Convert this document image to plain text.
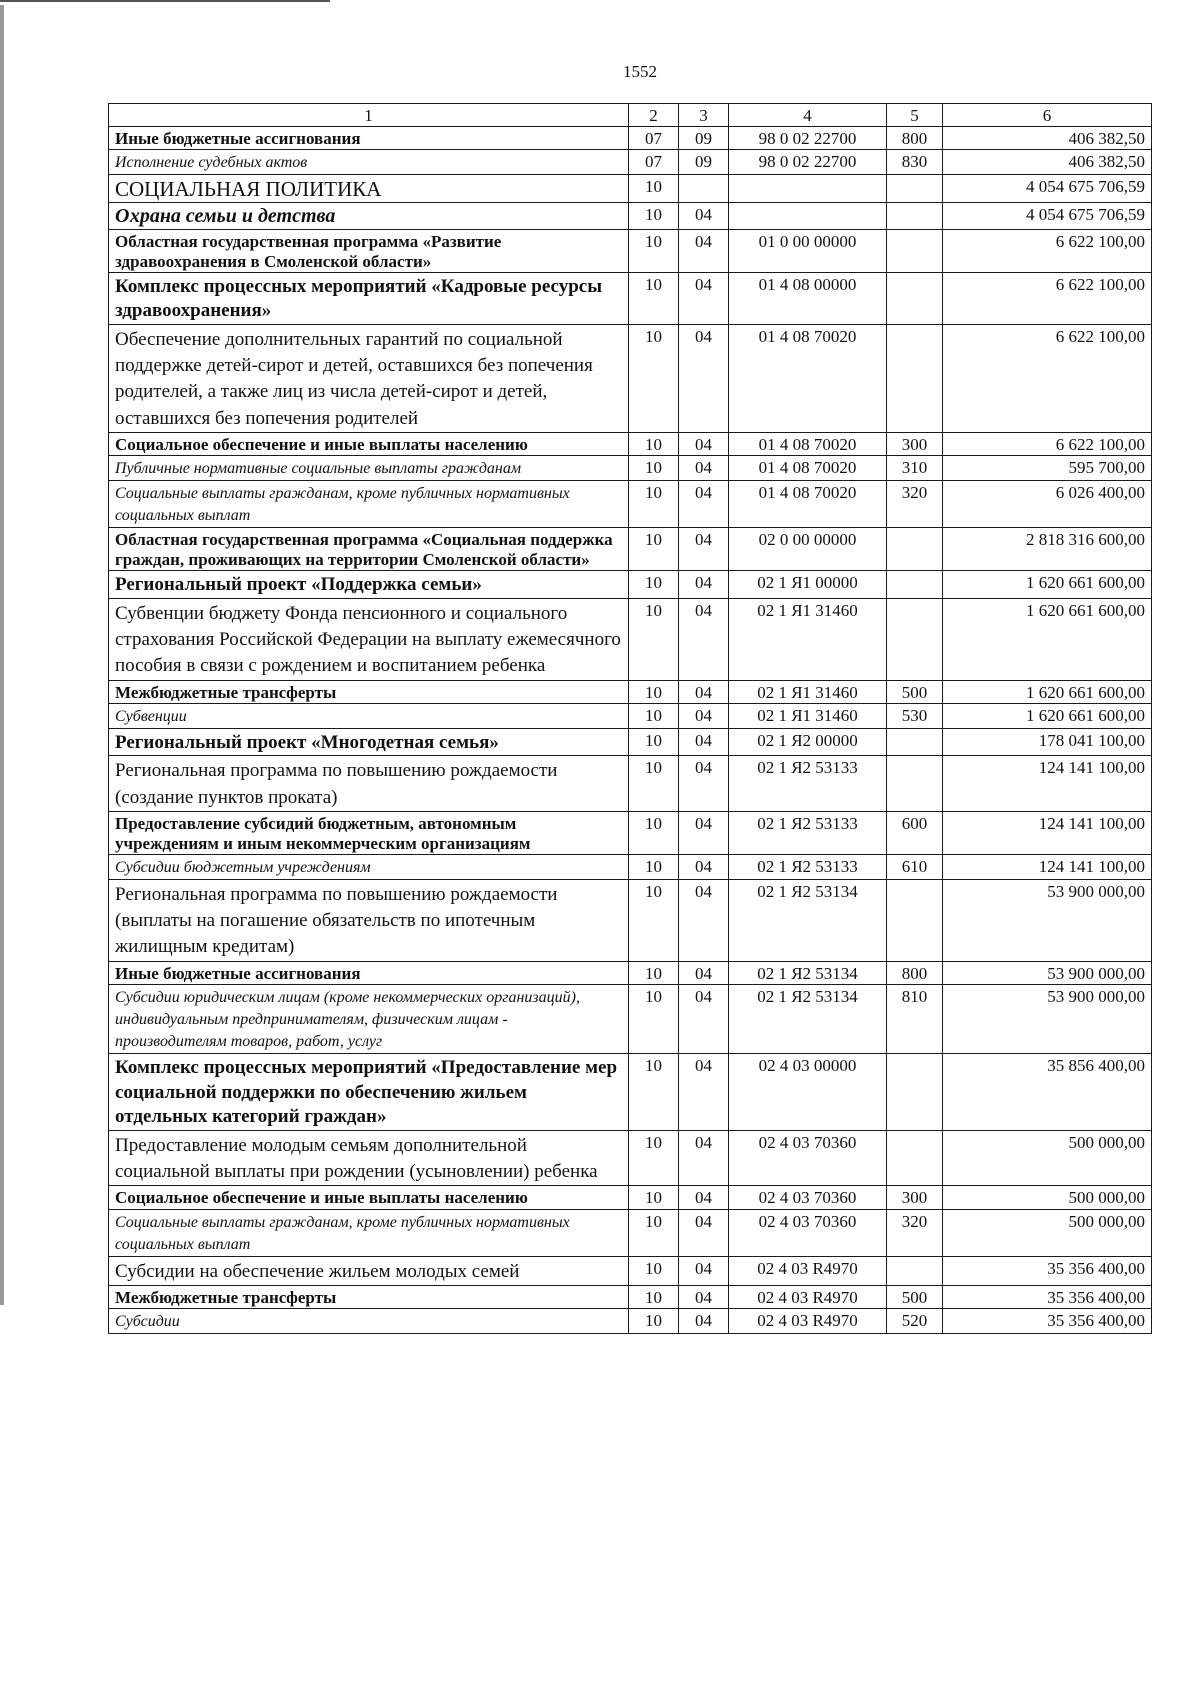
1552
1	2	3	4	5	6
Иные бюджетные ассигнования	07	09	98 0 02 22700	800	406 382,50
Исполнение судебных актов	07	09	98 0 02 22700	830	406 382,50
СОЦИАЛЬНАЯ ПОЛИТИКА	10				4 054 675 706,59
Охрана семьи и детства	10	04			4 054 675 706,59
Областная государственная программа «Развитие здравоохранения в Смоленской области»	10	04	01 0 00 00000		6 622 100,00
Комплекс процессных мероприятий «Кадровые ресурсы здравоохранения»	10	04	01 4 08 00000		6 622 100,00
Обеспечение дополнительных гарантий по социальной поддержке детей-сирот и детей, оставшихся без попечения родителей, а также лиц из числа детей-сирот и детей, оставшихся без попечения родителей	10	04	01 4 08 70020		6 622 100,00
Социальное обеспечение и иные выплаты населению	10	04	01 4 08 70020	300	6 622 100,00
Публичные нормативные социальные выплаты гражданам	10	04	01 4 08 70020	310	595 700,00
Социальные выплаты гражданам, кроме публичных нормативных социальных выплат	10	04	01 4 08 70020	320	6 026 400,00
Областная государственная программа «Социальная поддержка граждан, проживающих на территории Смоленской области»	10	04	02 0 00 00000		2 818 316 600,00
Региональный проект «Поддержка семьи»	10	04	02 1 Я1 00000		1 620 661 600,00
Субвенции бюджету Фонда пенсионного и социального страхования Российской Федерации на выплату ежемесячного пособия в связи с рождением и воспитанием ребенка	10	04	02 1 Я1 31460		1 620 661 600,00
Межбюджетные трансферты	10	04	02 1 Я1 31460	500	1 620 661 600,00
Субвенции	10	04	02 1 Я1 31460	530	1 620 661 600,00
Региональный проект «Многодетная семья»	10	04	02 1 Я2 00000		178 041 100,00
Региональная программа по повышению рождаемости (создание пунктов проката)	10	04	02 1 Я2 53133		124 141 100,00
Предоставление субсидий бюджетным, автономным учреждениям и иным некоммерческим организациям	10	04	02 1 Я2 53133	600	124 141 100,00
Субсидии бюджетным учреждениям	10	04	02 1 Я2 53133	610	124 141 100,00
Региональная программа по повышению рождаемости (выплаты на погашение обязательств по ипотечным жилищным кредитам)	10	04	02 1 Я2 53134		53 900 000,00
Иные бюджетные ассигнования	10	04	02 1 Я2 53134	800	53 900 000,00
Субсидии юридическим лицам (кроме некоммерческих организаций), индивидуальным предпринимателям, физическим лицам - производителям товаров, работ, услуг	10	04	02 1 Я2 53134	810	53 900 000,00
Комплекс процессных мероприятий «Предоставление мер социальной поддержки по обеспечению жильем отдельных категорий граждан»	10	04	02 4 03 00000		35 856 400,00
Предоставление молодым семьям дополнительной социальной выплаты при рождении (усыновлении) ребенка	10	04	02 4 03 70360		500 000,00
Социальное обеспечение и иные выплаты населению	10	04	02 4 03 70360	300	500 000,00
Социальные выплаты гражданам, кроме публичных нормативных социальных выплат	10	04	02 4 03 70360	320	500 000,00
Субсидии на обеспечение жильем молодых семей	10	04	02 4 03 R4970		35 356 400,00
Межбюджетные трансферты	10	04	02 4 03 R4970	500	35 356 400,00
Субсидии	10	04	02 4 03 R4970	520	35 356 400,00
